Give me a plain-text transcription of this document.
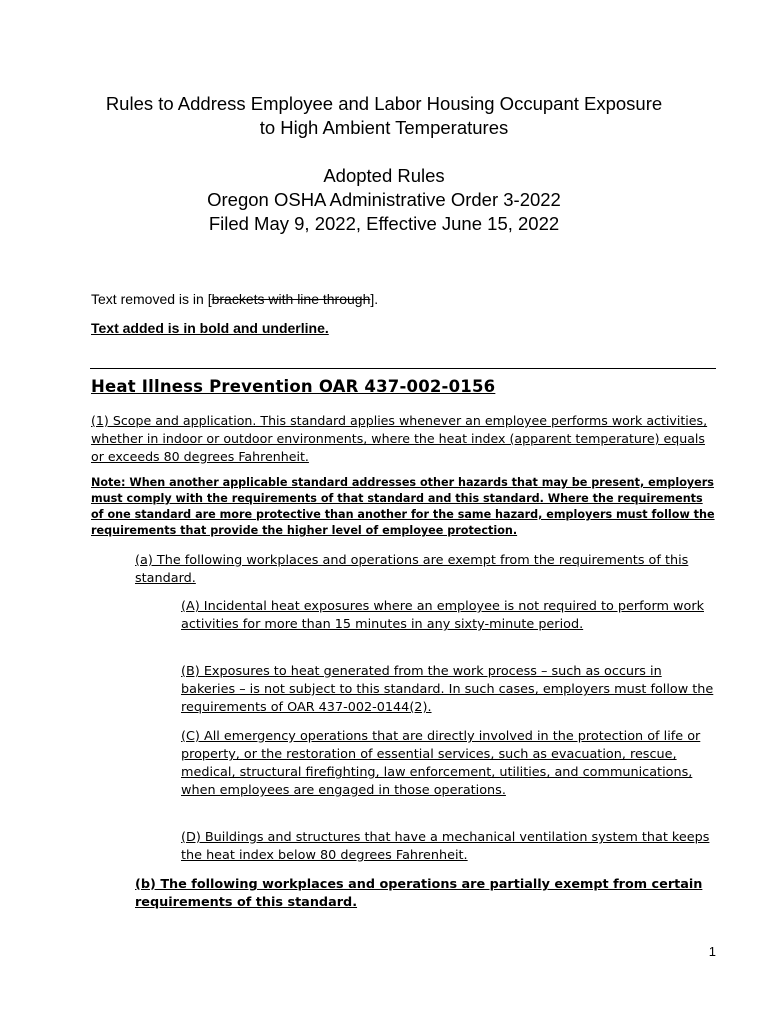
Rules to Address Employee and Labor Housing Occupant Exposure
to High Ambient Temperatures
Adopted Rules
Oregon OSHA Administrative Order 3-2022
Filed May 9, 2022, Effective June 15, 2022
Text removed is in [brackets with line through].
Text added is in bold and underline.
Heat Illness Prevention OAR 437-002-0156
(1) Scope and application. This standard applies whenever an employee performs work activities, whether in indoor or outdoor environments, where the heat index (apparent temperature) equals or exceeds 80 degrees Fahrenheit.
Note: When another applicable standard addresses other hazards that may be present, employers must comply with the requirements of that standard and this standard. Where the requirements of one standard are more protective than another for the same hazard, employers must follow the requirements that provide the higher level of employee protection.
(a) The following workplaces and operations are exempt from the requirements of this standard.
(A) Incidental heat exposures where an employee is not required to perform work activities for more than 15 minutes in any sixty-minute period.
(B) Exposures to heat generated from the work process – such as occurs in bakeries – is not subject to this standard. In such cases, employers must follow the requirements of OAR 437-002-0144(2).
(C) All emergency operations that are directly involved in the protection of life or property, or the restoration of essential services, such as evacuation, rescue, medical, structural firefighting, law enforcement, utilities, and communications, when employees are engaged in those operations.
(D) Buildings and structures that have a mechanical ventilation system that keeps the heat index below 80 degrees Fahrenheit.
(b) The following workplaces and operations are partially exempt from certain requirements of this standard.
1
